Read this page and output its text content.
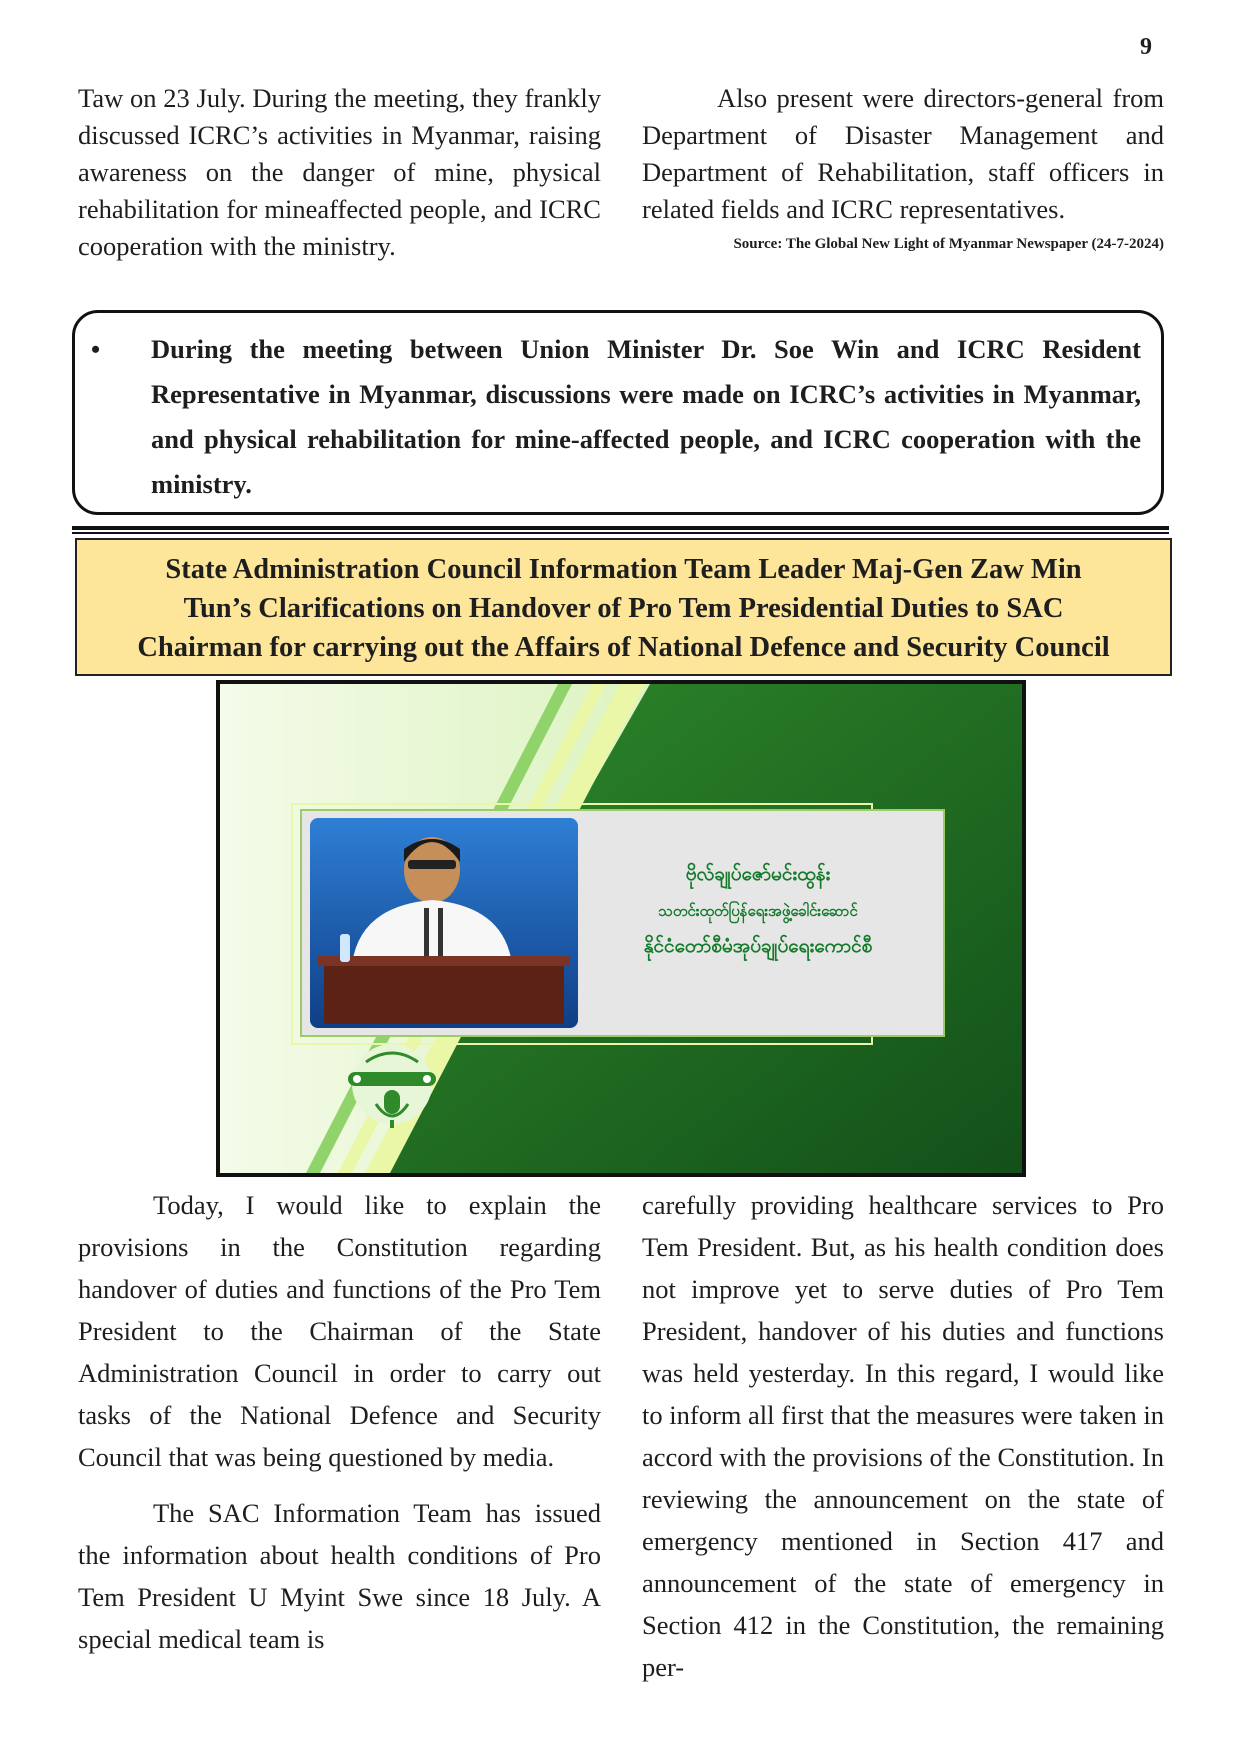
9

Taw on 23 July. During the meeting, they frankly discussed ICRC’s activities in Myanmar, raising awareness on the danger of mine, physical rehabilitation for mineaffected people, and ICRC cooperation with the ministry.

Also present were directors-general from Department of Disaster Management and Department of Rehabilitation, staff officers in related fields and ICRC representatives.

Source: The Global New Light of Myanmar Newspaper (24-7-2024)

•	During the meeting between Union Minister Dr. Soe Win and ICRC Resident Representative in Myanmar, discussions were made on ICRC’s activities in Myanmar, and physical rehabilitation for mine-affected people, and ICRC cooperation with the ministry.
State Administration Council Information Team Leader Maj-Gen Zaw Min
Tun’s Clarifications on Handover of Pro Tem Presidential Duties to SAC
Chairman for carrying out the Affairs of National Defence and Security Council
ဗိုလ်ချုပ်ဇော်မင်းထွန်း
သတင်းထုတ်ပြန်ရေးအဖွဲ့ခေါင်းဆောင်
နိုင်ငံတော်စီမံအုပ်ချုပ်ရေးကောင်စီ

Today, I would like to explain the provisions in the Constitution regarding handover of duties and functions of the Pro Tem President to the Chairman of the State Administration Council in order to carry out tasks of the National Defence and Security Council that was being questioned by media.

The SAC Information Team has issued the information about health conditions of Pro Tem President U Myint Swe since 18 July. A special medical team is

carefully providing healthcare services to Pro Tem President. But, as his health condition does not improve yet to serve duties of Pro Tem President, handover of his duties and functions was held yesterday. In this regard, I would like to inform all first that the measures were taken in accord with the provisions of the Constitution. In reviewing the announcement on the state of emergency mentioned in Section 417 and announcement of the state of emergency in Section 412 in the Constitution, the remaining per-
